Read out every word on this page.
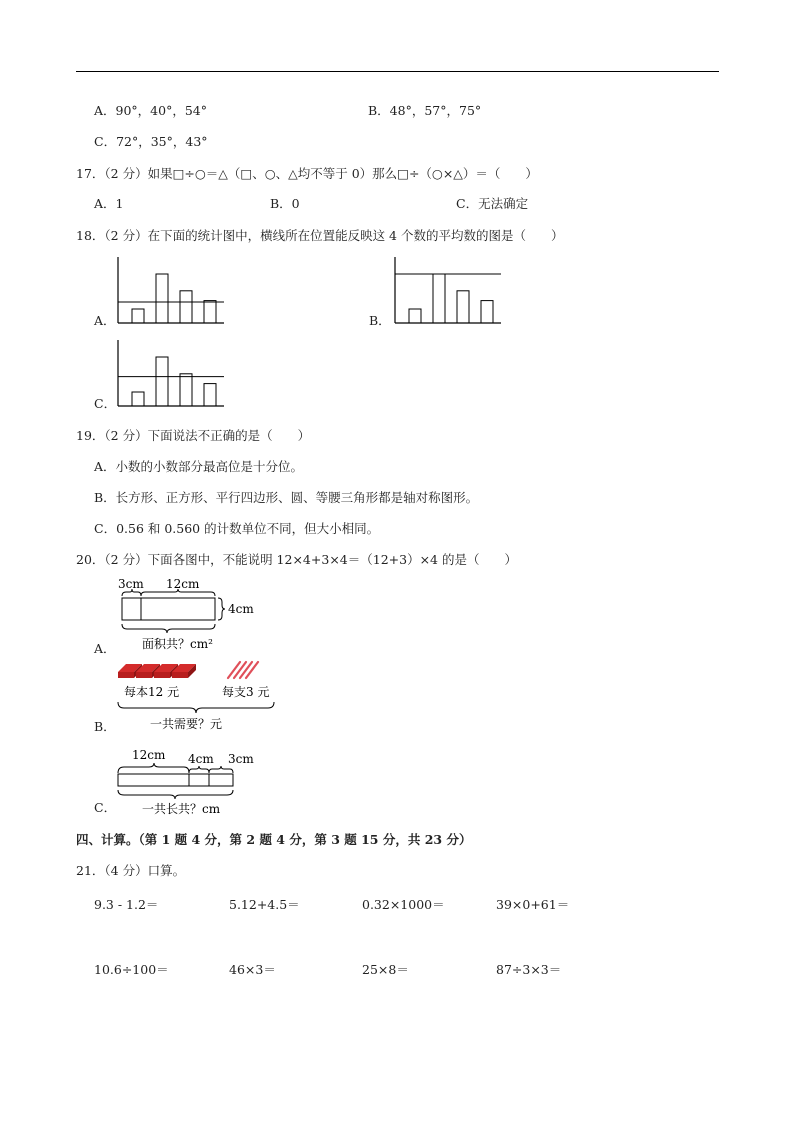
A．90°，40°，54°	B．48°，57°，75°
C．72°，35°，43°
17．（2 分）如果□÷○＝△（□、○、△均不等于 0）那么□÷（○×△）＝（　　）
A．1	B．0	C．无法确定
18．（2 分）在下面的统计图中，横线所在位置能反映这 4 个数的平均数的图是（　　）
A．	B．
C．
19．（2 分）下面说法不正确的是（　　）
A．小数的小数部分最高位是十分位。
B．长方形、正方形、平行四边形、圆、等腰三角形都是轴对称图形。
C．0.56 和 0.560 的计数单位不同，但大小相同。
20．（2 分）下面各图中，不能说明 12×4+3×4＝（12+3）×4 的是（　　）
A．
3cm 12cm
4cm
面积共？cm²
B．
每本12 元	每支3 元
一共需要？元
C．
12cm 4cm 3cm
一共长共？cm
四、计算。（第 1 题 4 分，第 2 题 4 分，第 3 题 15 分，共 23 分）
21．（4 分）口算。
9.3 - 1.2＝	5.12+4.5＝	0.32×1000＝	39×0+61＝
10.6÷100＝	46×3＝	25×8＝	87÷3×3＝
